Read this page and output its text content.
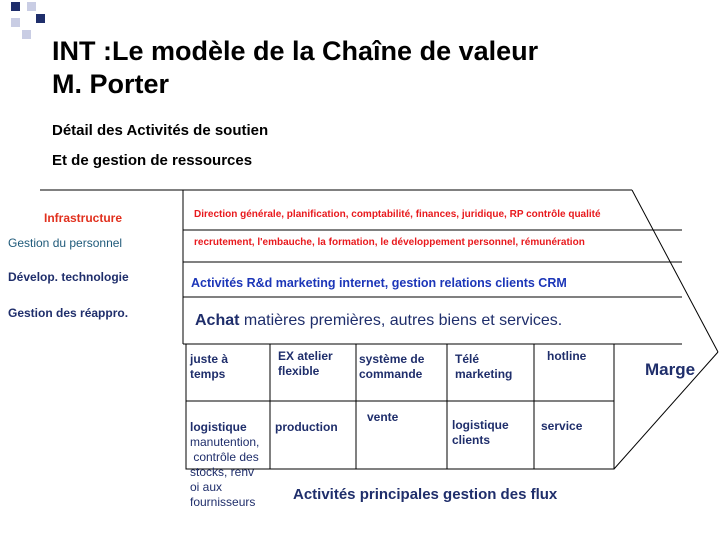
INT :Le modèle de la Chaîne de valeur
M. Porter
Détail des Activités de soutien
Et de gestion de ressources
Infrastructure
Gestion du personnel
Dévelop. technologie
Gestion des réappro.
Direction générale, planification, comptabilité, finances, juridique, RP contrôle qualité
recrutement, l'embauche, la formation, le développement personnel, rémunération
Activités R&d marketing internet, gestion relations clients CRM
Achat matières premières, autres biens et services.
juste à
temps
EX atelier
flexible
système de
commande
Télé
marketing
hotline
logistique
manutention,
contrôle des
stocks, renv
oi aux
fournisseurs
production
vente
logistique
clients
service
Activités principales gestion des flux
Marge
